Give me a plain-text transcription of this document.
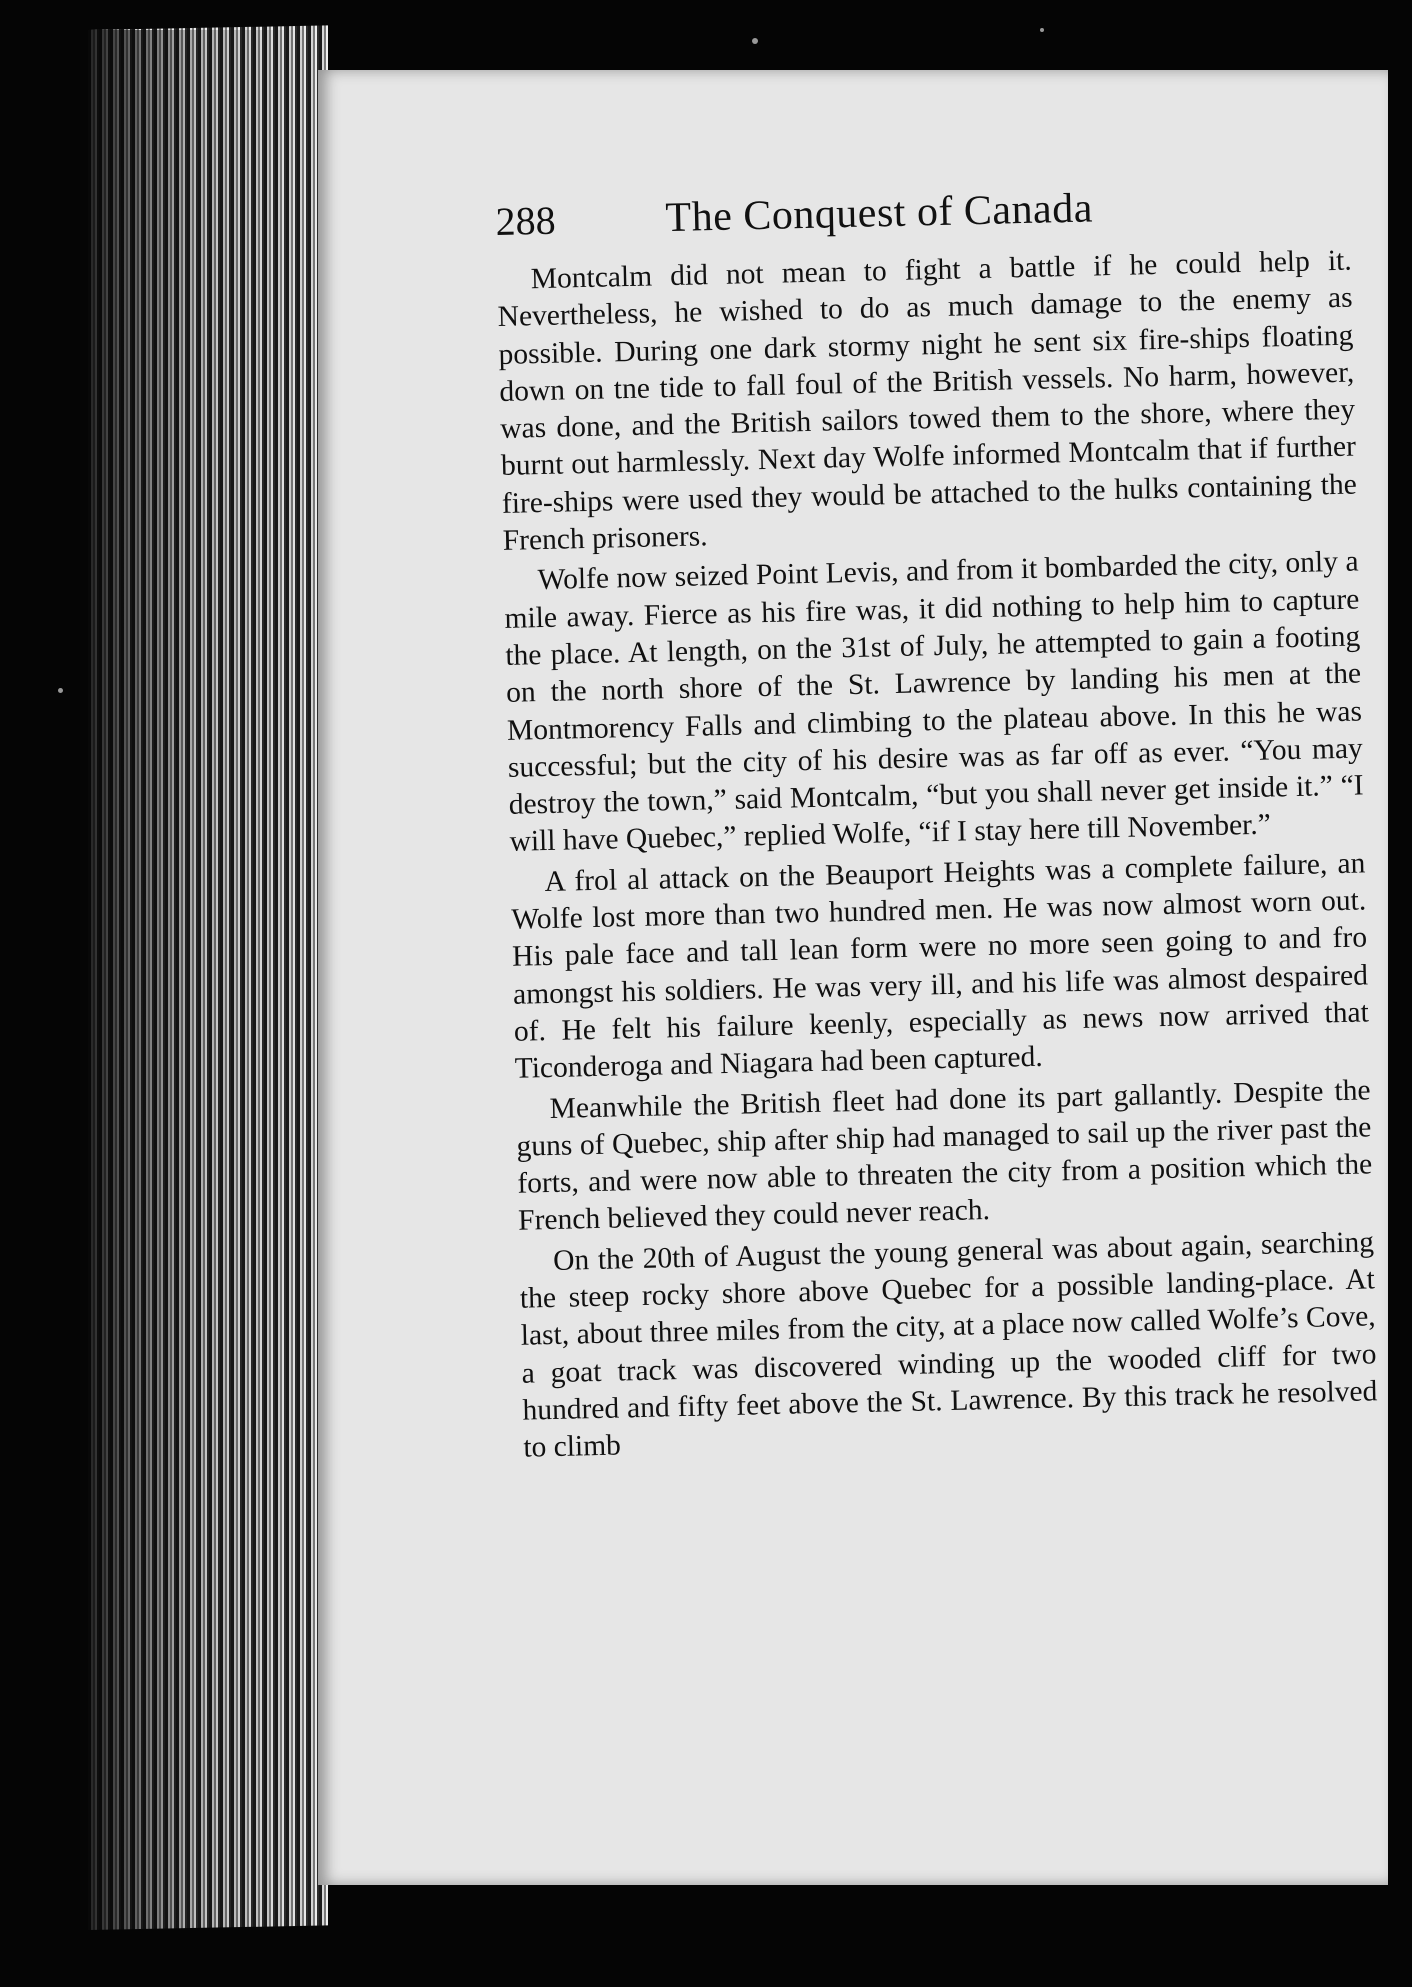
288	The Conquest of Canada

Montcalm did not mean to fight a battle if he could help it. Nevertheless, he wished to do as much damage to the enemy as possible. During one dark stormy night he sent six fire-ships floating down on tne tide to fall foul of the British vessels. No harm, however, was done, and the British sailors towed them to the shore, where they burnt out harmlessly. Next day Wolfe informed Montcalm that if further fire-ships were used they would be attached to the hulks containing the French prisoners.

Wolfe now seized Point Levis, and from it bombarded the city, only a mile away. Fierce as his fire was, it did nothing to help him to capture the place. At length, on the 31st of July, he attempted to gain a footing on the north shore of the St. Lawrence by landing his men at the Montmorency Falls and climbing to the plateau above. In this he was successful; but the city of his desire was as far off as ever. “You may destroy the town,” said Montcalm, “but you shall never get inside it.” “I will have Quebec,” replied Wolfe, “if I stay here till November.”

A frol al attack on the Beauport Heights was a complete failure, an Wolfe lost more than two hundred men. He was now almost worn out. His pale face and tall lean form were no more seen going to and fro amongst his soldiers. He was very ill, and his life was almost despaired of. He felt his failure keenly, especially as news now arrived that Ticonderoga and Niagara had been captured.

Meanwhile the British fleet had done its part gallantly. Despite the guns of Quebec, ship after ship had managed to sail up the river past the forts, and were now able to threaten the city from a position which the French believed they could never reach.

On the 20th of August the young general was about again, searching the steep rocky shore above Quebec for a possible landing-place. At last, about three miles from the city, at a place now called Wolfe’s Cove, a goat track was discovered winding up the wooded cliff for two hundred and fifty feet above the St. Lawrence. By this track he resolved to climb
